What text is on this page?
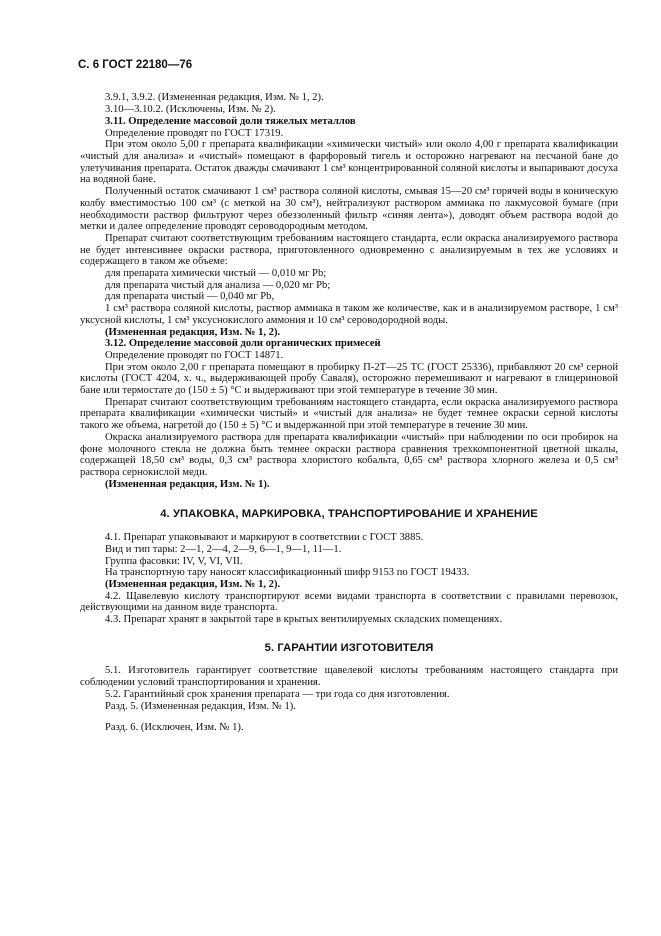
С. 6 ГОСТ 22180—76

3.9.1, 3.9.2. (Измененная редакция, Изм. № 1, 2).

3.10—3.10.2. (Исключены, Изм. № 2).

3.11. Определение массовой доли тяжелых металлов

Определение проводят по ГОСТ 17319.

При этом около 5,00 г препарата квалификации «химически чистый» или около 4,00 г препарата квалификации «чистый для анализа» и «чистый» помещают в фарфоровый тигель и осторожно нагревают на песчаной бане до улетучивания препарата. Остаток дважды смачивают 1 см³ концентрированной соляной кислоты и выпаривают досуха на водяной бане.

Полученный остаток смачивают 1 см³ раствора соляной кислоты, смывая 15—20 см³ горячей воды в коническую колбу вместимостью 100 см³ (с меткой на 30 см³), нейтрализуют раствором аммиака по лакмусовой бумаге (при необходимости раствор фильтруют через обеззоленный фильтр «синяя лента»), доводят объем раствора водой до метки и далее определение проводят сероводородным методом.

Препарат считают соответствующим требованиям настоящего стандарта, если окраска анализируемого раствора не будет интенсивнее окраски раствора, приготовленного одновременно с анализируемым в тех же условиях и содержащего в таком же объеме:

для препарата химически чистый — 0,010 мг Pb;

для препарата чистый для анализа — 0,020 мг Pb;

для препарата чистый — 0,040 мг Pb,

1 см³ раствора соляной кислоты, раствор аммиака в таком же количестве, как и в анализируемом растворе, 1 см³ уксусной кислоты, 1 см³ уксуснокислого аммония и 10 см³ сероводородной воды.

(Измененная редакция, Изм. № 1, 2).

3.12. Определение массовой доли органических примесей

Определение проводят по ГОСТ 14871.

При этом около 2,00 г препарата помещают в пробирку П-2Т—25 ТС (ГОСТ 25336), прибавляют 20 см³ серной кислоты (ГОСТ 4204, х. ч., выдерживающей пробу Саваля), осторожно перемешивают и нагревают в глицериновой бане или термостате до (150 ± 5) °С и выдерживают при этой температуре в течение 30 мин.

Препарат считают соответствующим требованиям настоящего стандарта, если окраска анализируемого раствора препарата квалификации «химически чистый» и «чистый для анализа» не будет темнее окраски серной кислоты такого же объема, нагретой до (150 ± 5) °С и выдержанной при этой температуре в течение 30 мин.

Окраска анализируемого раствора для препарата квалификации «чистый» при наблюдении по оси пробирок на фоне молочного стекла не должна быть темнее окраски раствора сравнения трехкомпонентной цветной шкалы, содержащей 18,50 см³ воды, 0,3 см³ раствора хлористого кобальта, 0,65 см³ раствора хлорного железа и 0,5 см³ раствора сернокислой меди.

(Измененная редакция, Изм. № 1).

4. УПАКОВКА, МАРКИРОВКА, ТРАНСПОРТИРОВАНИЕ И ХРАНЕНИЕ

4.1. Препарат упаковывают и маркируют в соответствии с ГОСТ 3885.

Вид и тип тары: 2—1, 2—4, 2—9, 6—1, 9—1, 11—1.

Группа фасовки: IV, V, VI, VII.

На транспортную тару наносят классификационный шифр 9153 по ГОСТ 19433.

(Измененная редакция, Изм. № 1, 2).

4.2. Щавелевую кислоту транспортируют всеми видами транспорта в соответствии с правилами перевозок, действующими на данном виде транспорта.

4.3. Препарат хранят в закрытой таре в крытых вентилируемых складских помещениях.

5. ГАРАНТИИ ИЗГОТОВИТЕЛЯ

5.1. Изготовитель гарантирует соответствие щавелевой кислоты требованиям настоящего стандарта при соблюдении условий транспортирования и хранения.

5.2. Гарантийный срок хранения препарата — три года со дня изготовления.

Разд. 5. (Измененная редакция, Изм. № 1).

Разд. 6. (Исключен, Изм. № 1).
